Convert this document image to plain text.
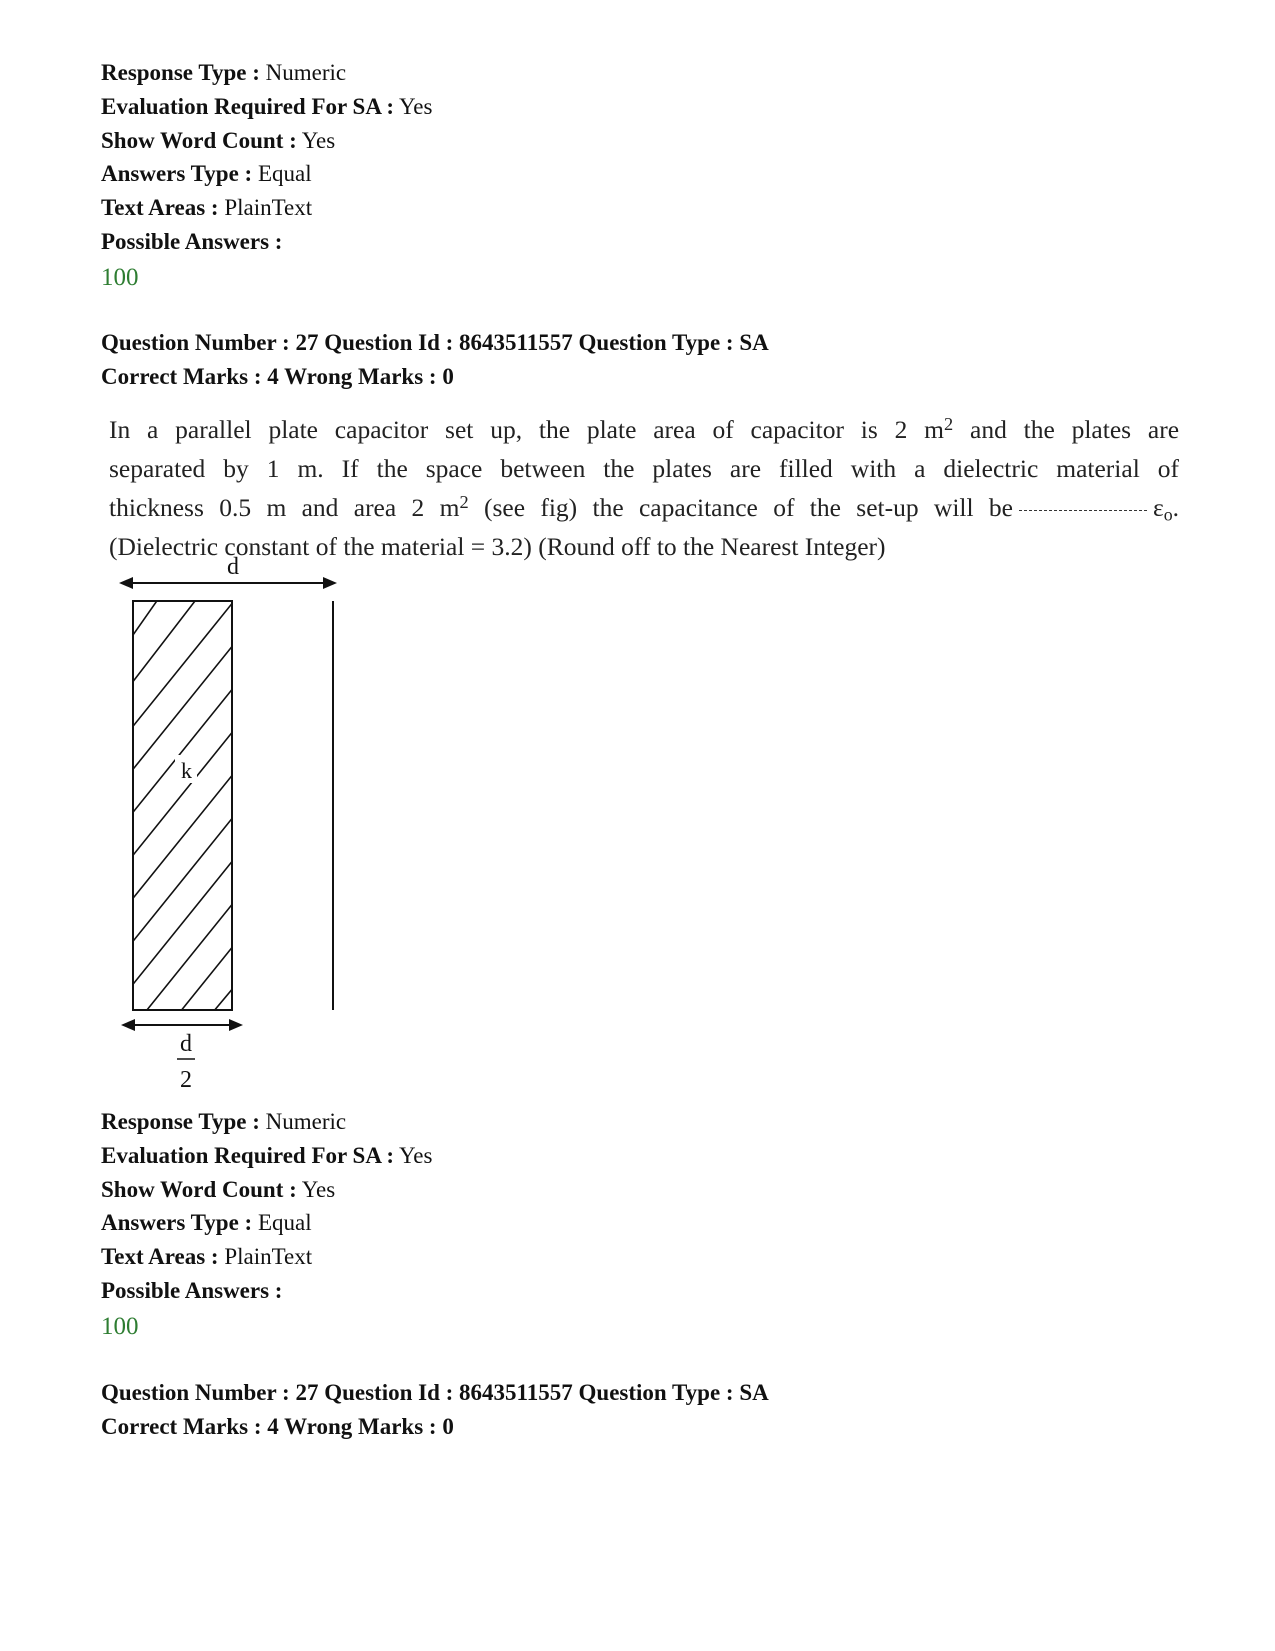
Response Type : Numeric
Evaluation Required For SA : Yes
Show Word Count : Yes
Answers Type : Equal
Text Areas : PlainText
Possible Answers :
100
Question Number : 27 Question Id : 8643511557 Question Type : SA
Correct Marks : 4 Wrong Marks : 0
In a parallel plate capacitor set up, the plate area of capacitor is 2 $m^2$ and the plates are
separated by 1 m. If the space between the plates are filled with a dielectric material of
thickness 0.5 m and area 2 $m^2$ (see fig) the capacitance of the set-up will be	$\varepsilon_o$.
(Dielectric constant of the material = 3.2) (Round off to the Nearest Integer)
d
k
d
2
Response Type : Numeric
Evaluation Required For SA : Yes
Show Word Count : Yes
Answers Type : Equal
Text Areas : PlainText
Possible Answers :
100
Question Number : 27 Question Id : 8643511557 Question Type : SA
Correct Marks : 4 Wrong Marks : 0
